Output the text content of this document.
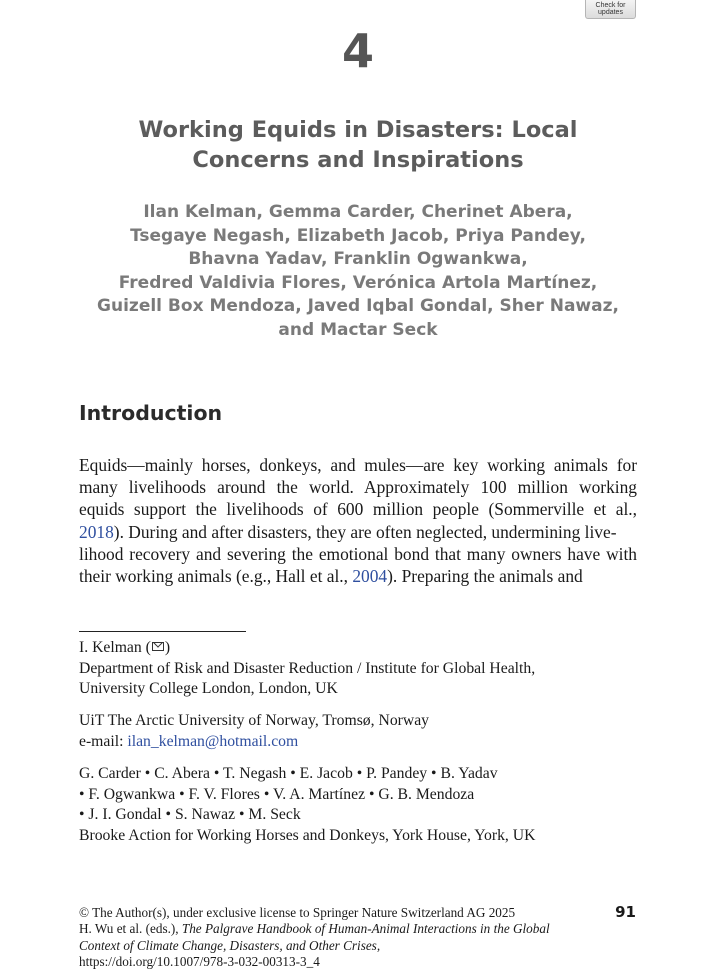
Check for
updates
4
Working Equids in Disasters: Local
Concerns and Inspirations
Ilan Kelman, Gemma Carder, Cherinet Abera,
Tsegaye Negash, Elizabeth Jacob, Priya Pandey,
Bhavna Yadav, Franklin Ogwankwa,
Fredred Valdivia Flores, Verónica Artola Martínez,
Guizell Box Mendoza, Javed Iqbal Gondal, Sher Nawaz,
and Mactar Seck
Introduction
Equids—mainly horses, donkeys, and mules—are key working animals for
many livelihoods around the world. Approximately 100 million working
equids support the livelihoods of 600 million people (Sommerville et al.,
2018). During and after disasters, they are often neglected, undermining live-
lihood recovery and severing the emotional bond that many owners have with
their working animals (e.g., Hall et al., 2004). Preparing the animals and
I. Kelman ( )
Department of Risk and Disaster Reduction / Institute for Global Health,
University College London, London, UK
UiT The Arctic University of Norway, Tromsø, Norway
e-mail: ilan_kelman@hotmail.com
G. Carder • C. Abera • T. Negash • E. Jacob • P. Pandey • B. Yadav
• F. Ogwankwa • F. V. Flores • V. A. Martínez • G. B. Mendoza
• J. I. Gondal • S. Nawaz • M. Seck
Brooke Action for Working Horses and Donkeys, York House, York, UK
© The Author(s), under exclusive license to Springer Nature Switzerland AG 2025
H. Wu et al. (eds.), The Palgrave Handbook of Human-Animal Interactions in the Global
Context of Climate Change, Disasters, and Other Crises,
https://doi.org/10.1007/978-3-032-00313-3_4
91
